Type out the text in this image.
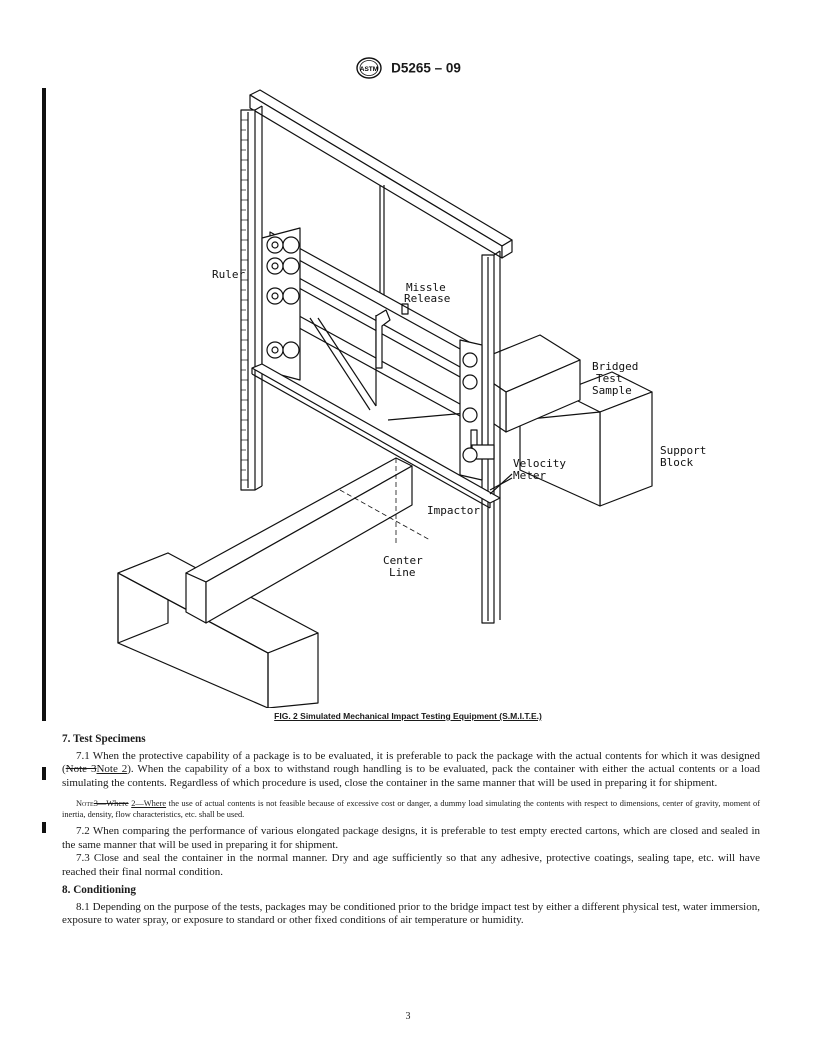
ASTM D5265 – 09
Ruler
Missle
Release
Bridged
Test
Sample
Support
Block
Velocity
Meter
Impactor
Center
Line
FIG. 2 Simulated Mechanical Impact Testing Equipment (S.M.I.T.E.)
7. Test Specimens

7.1 When the protective capability of a package is to be evaluated, it is preferable to pack the package with the actual contents for which it was designed (Note 3Note 2). When the capability of a box to withstand rough handling is to be evaluated, pack the container with either the actual contents or a load simulating the contents. Regardless of which procedure is used, close the container in the same manner that will be used in preparing it for shipment.

Note3—Where 2—Where the use of actual contents is not feasible because of excessive cost or danger, a dummy load simulating the contents with respect to dimensions, center of gravity, moment of inertia, density, flow characteristics, etc. shall be used.

7.2 When comparing the performance of various elongated package designs, it is preferable to test empty erected cartons, which are closed and sealed in the same manner that will be used in preparing it for shipment.

7.3 Close and seal the container in the normal manner. Dry and age sufficiently so that any adhesive, protective coatings, sealing tape, etc. will have reached their final normal condition.

8. Conditioning

8.1 Depending on the purpose of the tests, packages may be conditioned prior to the bridge impact test by either a different physical test, water immersion, exposure to water spray, or exposure to standard or other fixed conditions of air temperature or humidity.

3
